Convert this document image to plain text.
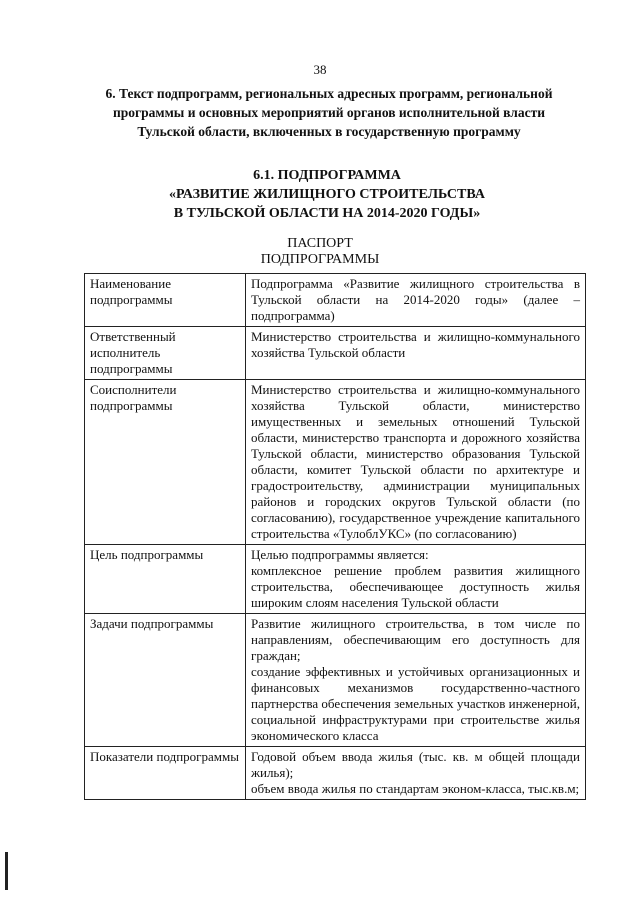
38
6. Текст подпрограмм, региональных адресных программ, региональной
программы и основных мероприятий органов исполнительной власти
Тульской области, включенных в государственную программу
6.1. ПОДПРОГРАММА
«РАЗВИТИЕ ЖИЛИЩНОГО СТРОИТЕЛЬСТВА
В ТУЛЬСКОЙ ОБЛАСТИ НА 2014-2020 ГОДЫ»
ПАСПОРТ
ПОДПРОГРАММЫ
Наименование подпрограммы	Подпрограмма «Развитие жилищного строительства в Тульской области на 2014-2020 годы» (далее – подпрограмма)

Ответственный исполнитель подпрограммы	Министерство строительства и жилищно-коммунального хозяйства Тульской области

Соисполнители подпрограммы	Министерство строительства и жилищно-коммунального хозяйства Тульской области, министерство имущественных и земельных отношений Тульской области, министерство транспорта и дорожного хозяйства Тульской области, министерство образования Тульской области, комитет Тульской области по архитектуре и градостроительству, администрации муниципальных районов и городских округов Тульской области (по согласованию), государственное учреждение капитального строительства «ТулоблУКС» (по согласованию)

Цель подпрограммы	Целью подпрограммы является:
комплексное решение проблем развития жилищного строительства, обеспечивающее доступность жилья широким слоям населения Тульской области

Задачи подпрограммы	Развитие жилищного строительства, в том числе по направлениям, обеспечивающим его доступность для граждан;
создание эффективных и устойчивых организационных и финансовых механизмов государственно-частного партнерства обеспечения земельных участков инженерной, социальной инфраструктурами при строительстве жилья экономического класса

Показатели подпрограммы	Годовой объем ввода жилья (тыс. кв. м общей площади жилья);
объем ввода жилья по стандартам эконом-класса, тыс.кв.м;
